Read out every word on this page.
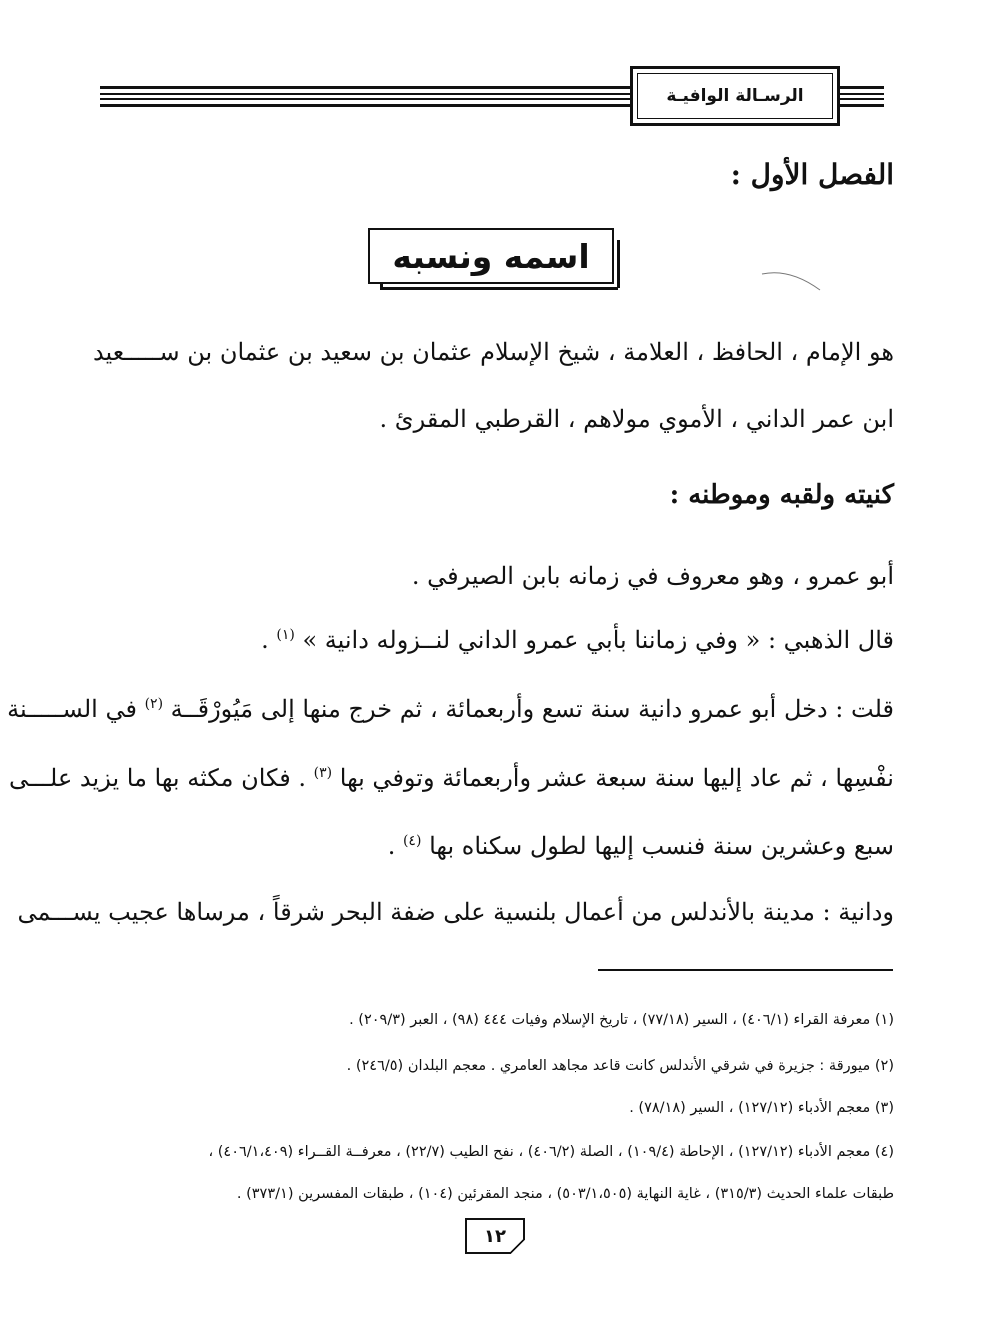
الرسـالة الوافيـة
الفصل الأول :
اسمه ونسبه
هو الإمام ، الحافظ ، العلامة ، شيخ الإسلام عثمان بن سعيد بن عثمان بن ســـــعيد
ابن عمر الداني ، الأموي مولاهم ، القرطبي المقرئ .
كنيته ولقبه وموطنه :
أبو عمرو ، وهو معروف في زمانه بابن الصيرفي .
قال الذهبي : « وفي زماننا بأبي عمرو الداني لنــزوله دانية » $^{(١)}$ .
قلت : دخل أبو عمرو دانية سنة تسع وأربعمائة ، ثم خرج منها إلى مَيُورْقَــة $^{(٢)}$ في الســـــنة
نفْسِها ، ثم عاد إليها سنة سبعة عشر وأربعمائة وتوفي بها $^{(٣)}$ . فكان مكثه بها ما يزيد علـــى
سبع وعشرين سنة فنسب إليها لطول سكناه بها $^{(٤)}$ .
ودانية : مدينة بالأندلس من أعمال بلنسية على ضفة البحر شرقاً ، مرساها عجيب يســـمى
(١) معرفة القراء (٤٠٦/١) ، السير (٧٧/١٨) ، تاريخ الإسلام وفيات ٤٤٤ (٩٨) ، العبر (٢٠٩/٣) .
(٢) ميورقة : جزيرة في شرقي الأندلس كانت قاعد مجاهد العامري . معجم البلدان (٢٤٦/٥) .
(٣) معجم الأدباء (١٢٧/١٢) ، السير (٧٨/١٨) .
(٤) معجم الأدباء (١٢٧/١٢) ، الإحاطة (١٠٩/٤) ، الصلة (٤٠٦/٢) ، نفح الطيب (٢٢/٧) ، معرفــة القــراء (٤٠٦/١،٤٠٩) ،
طبقات علماء الحديث (٣١٥/٣) ، غاية النهاية (٥٠٣/١،٥٠٥) ، منجد المقرئين (١٠٤) ، طبقات المفسرين (٣٧٣/١) .
١٢
